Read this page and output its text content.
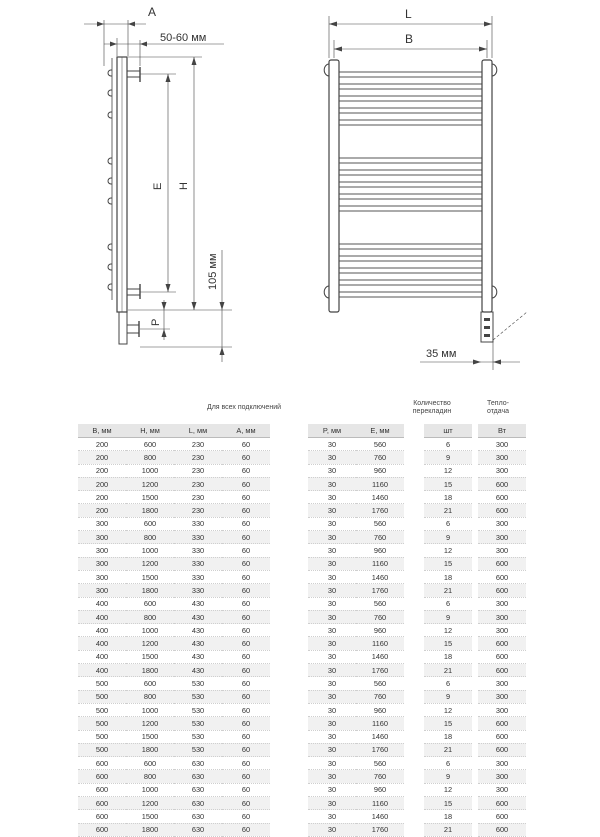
A
50-60 мм
E H
105 мм
P
L
B
35 мм
Для всех подключений
Количество
перекладин
Тепло-
отдача
B, мм	H, мм	L, мм	A, мм		P, мм	E, мм		шт		Вт
200	600	230	60		30	560		6		300
200	800	230	60		30	760		9		300
200	1000	230	60		30	960		12		300
200	1200	230	60		30	1160		15		600
200	1500	230	60		30	1460		18		600
200	1800	230	60		30	1760		21		600
300	600	330	60		30	560		6		300
300	800	330	60		30	760		9		300
300	1000	330	60		30	960		12		300
300	1200	330	60		30	1160		15		600
300	1500	330	60		30	1460		18		600
300	1800	330	60		30	1760		21		600
400	600	430	60		30	560		6		300
400	800	430	60		30	760		9		300
400	1000	430	60		30	960		12		300
400	1200	430	60		30	1160		15		600
400	1500	430	60		30	1460		18		600
400	1800	430	60		30	1760		21		600
500	600	530	60		30	560		6		300
500	800	530	60		30	760		9		300
500	1000	530	60		30	960		12		300
500	1200	530	60		30	1160		15		600
500	1500	530	60		30	1460		18		600
500	1800	530	60		30	1760		21		600
600	600	630	60		30	560		6		300
600	800	630	60		30	760		9		300
600	1000	630	60		30	960		12		300
600	1200	630	60		30	1160		15		600
600	1500	630	60		30	1460		18		600
600	1800	630	60		30	1760		21		600
